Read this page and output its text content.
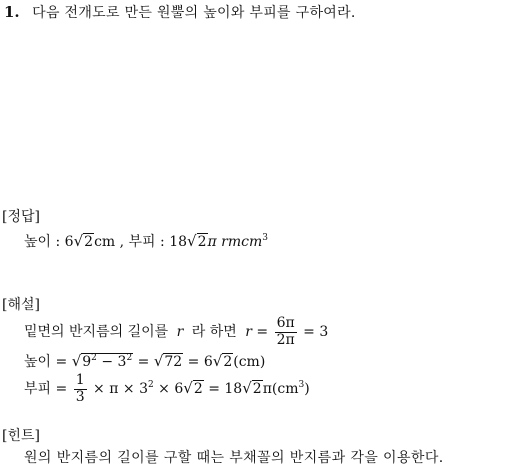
1. 다음 전개도로 만든 원뿔의 높이와 부피를 구하여라.
[정답]
높이 : 6√2cm , 부피 : 18√2π rmcm$^3$
[해설]
밑면의 반지름의 길이를 r 라 하면 $r = \frac{6\pi}{2\pi} = 3$
높이 = $√9^2 - 3^2 = √72 = 6√2(cm)$
부피 = $\frac{1}{3} \times \pi \times 3^2 \times 6√2 = 18√2\pi(cm^3)$
[힌트]
원의 반지름의 길이를 구할 때는 부채꼴의 반지름과 각을 이용한다.
